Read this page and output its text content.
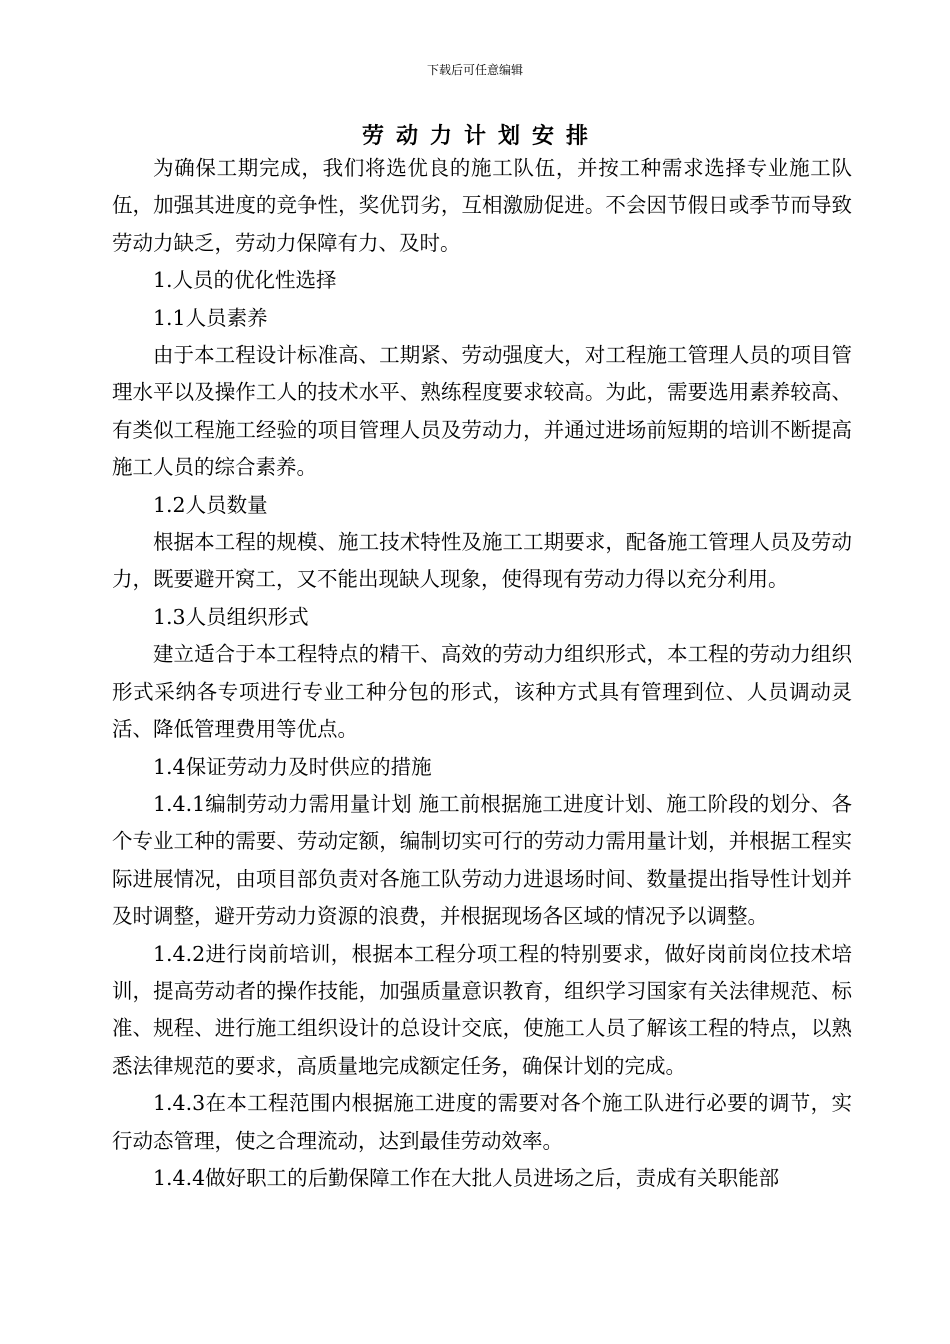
下载后可任意编辑
劳动力计划安排

为确保工期完成，我们将选优良的施工队伍，并按工种需求选择专业施工队伍，加强其进度的竞争性，奖优罚劣，互相激励促进。不会因节假日或季节而导致劳动力缺乏，劳动力保障有力、及时。

1.人员的优化性选择

1.1人员素养

由于本工程设计标准高、工期紧、劳动强度大，对工程施工管理人员的项目管理水平以及操作工人的技术水平、熟练程度要求较高。为此，需要选用素养较高、有类似工程施工经验的项目管理人员及劳动力，并通过进场前短期的培训不断提高施工人员的综合素养。

1.2人员数量

根据本工程的规模、施工技术特性及施工工期要求，配备施工管理人员及劳动力，既要避开窝工，又不能出现缺人现象，使得现有劳动力得以充分利用。

1.3人员组织形式

建立适合于本工程特点的精干、高效的劳动力组织形式，本工程的劳动力组织形式采纳各专项进行专业工种分包的形式，该种方式具有管理到位、人员调动灵活、降低管理费用等优点。

1.4保证劳动力及时供应的措施

1.4.1编制劳动力需用量计划 施工前根据施工进度计划、施工阶段的划分、各个专业工种的需要、劳动定额，编制切实可行的劳动力需用量计划，并根据工程实际进展情况，由项目部负责对各施工队劳动力进退场时间、数量提出指导性计划并及时调整，避开劳动力资源的浪费，并根据现场各区域的情况予以调整。

1.4.2进行岗前培训，根据本工程分项工程的特别要求，做好岗前岗位技术培训，提高劳动者的操作技能，加强质量意识教育，组织学习国家有关法律规范、标准、规程、进行施工组织设计的总设计交底，使施工人员了解该工程的特点，以熟悉法律规范的要求，高质量地完成额定任务，确保计划的完成。

1.4.3在本工程范围内根据施工进度的需要对各个施工队进行必要的调节，实行动态管理，使之合理流动，达到最佳劳动效率。

1.4.4做好职工的后勤保障工作在大批人员进场之后，责成有关职能部
